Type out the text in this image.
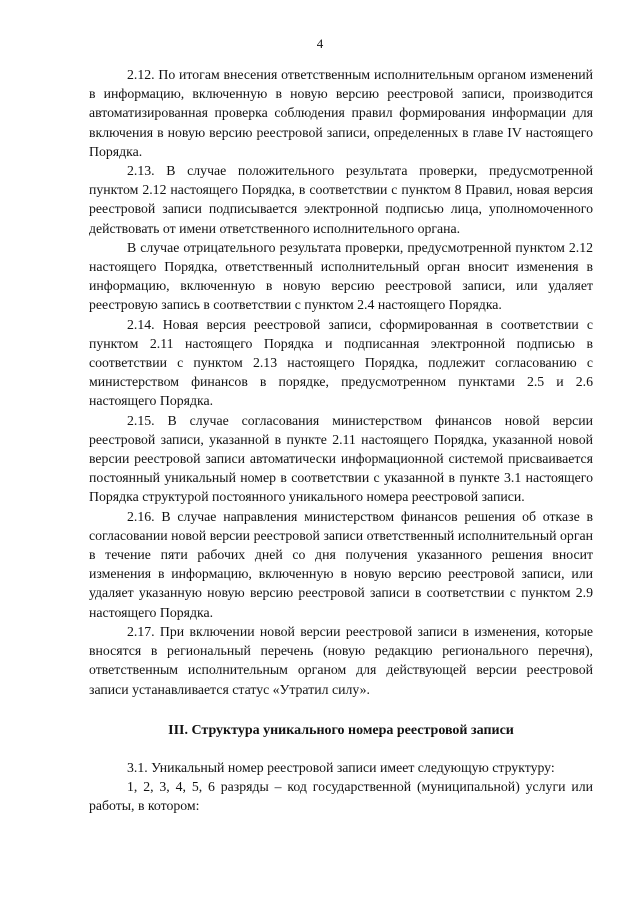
4

2.12. По итогам внесения ответственным исполнительным органом изменений в информацию, включенную в новую версию реестровой записи, производится автоматизированная проверка соблюдения правил формирования информации для включения в новую версию реестровой записи, определенных в главе IV настоящего Порядка.

2.13. В случае положительного результата проверки, предусмотренной пунктом 2.12 настоящего Порядка, в соответствии с пунктом 8 Правил, новая версия реестровой записи подписывается электронной подписью лица, уполномоченного действовать от имени ответственного исполнительного органа.

В случае отрицательного результата проверки, предусмотренной пунктом 2.12 настоящего Порядка, ответственный исполнительный орган вносит изменения в информацию, включенную в новую версию реестровой записи, или удаляет реестровую запись в соответствии с пунктом 2.4 настоящего Порядка.

2.14. Новая версия реестровой записи, сформированная в соответствии с пунктом 2.11 настоящего Порядка и подписанная электронной подписью в соответствии с пунктом 2.13 настоящего Порядка, подлежит согласованию с министерством финансов в порядке, предусмотренном пунктами 2.5 и 2.6 настоящего Порядка.

2.15. В случае согласования министерством финансов новой версии реестровой записи, указанной в пункте 2.11 настоящего Порядка, указанной новой версии реестровой записи автоматически информационной системой присваивается постоянный уникальный номер в соответствии с указанной в пункте 3.1 настоящего Порядка структурой постоянного уникального номера реестровой записи.

2.16. В случае направления министерством финансов решения об отказе в согласовании новой версии реестровой записи ответственный исполнительный орган в течение пяти рабочих дней со дня получения указанного решения вносит изменения в информацию, включенную в новую версию реестровой записи, или удаляет указанную новую версию реестровой записи в соответствии с пунктом 2.9 настоящего Порядка.

2.17. При включении новой версии реестровой записи в изменения, которые вносятся в региональный перечень (новую редакцию регионального перечня), ответственным исполнительным органом для действующей версии реестровой записи устанавливается статус «Утратил силу».

III. Структура уникального номера реестровой записи

3.1. Уникальный номер реестровой записи имеет следующую структуру:

1, 2, 3, 4, 5, 6 разряды – код государственной (муниципальной) услуги или работы, в котором:
